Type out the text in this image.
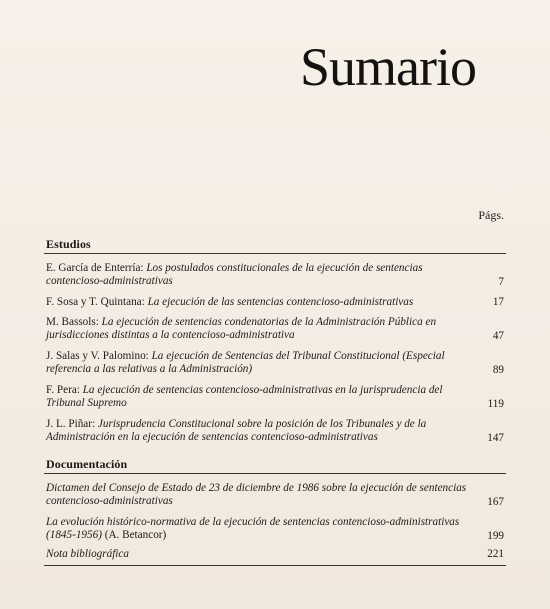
Sumario
Págs.
Estudios
E. García de Enterría: Los postulados constitucionales de la ejecución de sentencias contencioso-administrativas	7
F. Sosa y T. Quintana: La ejecución de las sentencias contencioso-administrativas	17
M. Bassols: La ejecución de sentencias condenatorias de la Administración Pública en jurisdicciones distintas a la contencioso-administrativa	47
J. Salas y V. Palomino: La ejecución de Sentencias del Tribunal Constitucional (Especial referencia a las relativas a la Administración)	89
F. Pera: La ejecución de sentencias contencioso-administrativas en la jurisprudencia del Tribunal Supremo	119
J. L. Piñar: Jurisprudencia Constitucional sobre la posición de los Tribunales y de la Administración en la ejecución de sentencias contencioso-administrativas	147
Documentación
Dictamen del Consejo de Estado de 23 de diciembre de 1986 sobre la ejecución de sentencias contencioso-administrativas	167
La evolución histórico-normativa de la ejecución de sentencias contencioso-administrativas (1845-1956) (A. Betancor)	199
Nota bibliográfica	221
